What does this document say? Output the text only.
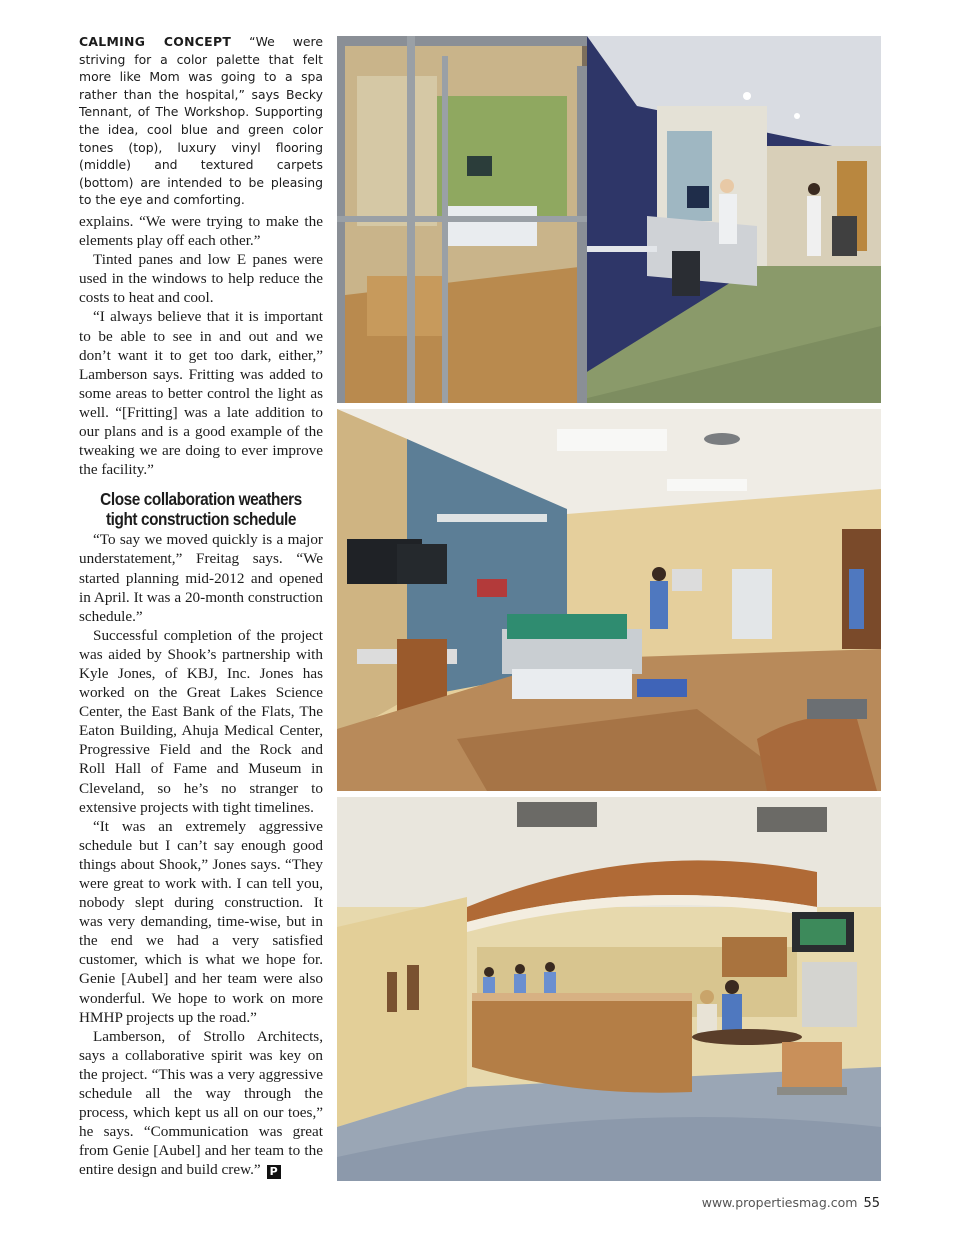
CALMING CONCEPT “We were striving for a color palette that felt more like Mom was going to a spa rather than the hospital,” says Becky Tennant, of The Workshop. Supporting the idea, cool blue and green color tones (top), luxury vinyl flooring (middle) and textured carpets (bottom) are intended to be pleasing to the eye and comforting.

explains. “We were trying to make the elements play off each other.”

Tinted panes and low E panes were used in the windows to help reduce the costs to heat and cool.

“I always believe that it is important to be able to see in and out and we don’t want it to get too dark, either,” Lamberson says. Fritting was added to some areas to better control the light as well. “[Fritting] was a late addition to our plans and is a good example of the tweaking we are doing to ever improve the facility.”

Close collaboration weathers
tight construction schedule

“To say we moved quickly is a major understatement,” Freitag says. “We started planning mid-2012 and opened in April. It was a 20-month construction schedule.”

Successful completion of the project was aided by Shook’s partnership with Kyle Jones, of KBJ, Inc. Jones has worked on the Great Lakes Science Center, the East Bank of the Flats, The Eaton Building, Ahuja Medical Center, Progressive Field and the Rock and Roll Hall of Fame and Museum in Cleveland, so he’s no stranger to extensive projects with tight timelines.

“It was an extremely aggressive schedule but I can’t say enough good things about Shook,” Jones says. “They were great to work with. I can tell you, nobody slept during construction. It was very demanding, time-wise, but in the end we had a very satisfied customer, which is what we hope for. Genie [Aubel] and her team were also wonderful. We hope to work on more HMHP projects up the road.”

Lamberson, of Strollo Architects, says a collaborative spirit was key on the project. “This was a very aggressive schedule all the way through the process, which kept us all on our toes,” he says. “Communication was great from Genie [Aubel] and her team to the entire design and build crew.” P

www.propertiesmag.com 55
